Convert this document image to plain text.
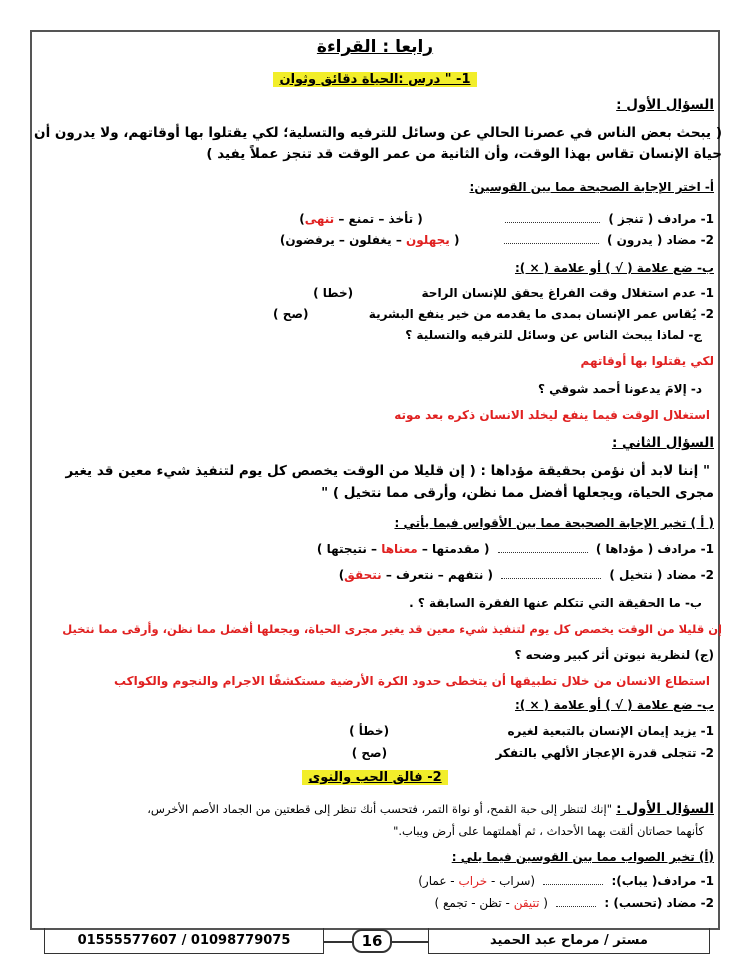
رابعا : القراءة
1- " درس :الحياة دقائق وثوان
السؤال الأول :
( يبحث بعض الناس في عصرنا الحالي عن وسائل للترفيه والتسلية؛ لكي يقتلوا بها أوقاتهم، ولا يدرون أن
حياة الإنسان تقاس بهذا الوقت، وأن الثانية من عمر الوقت قد تنجز عملاً يفيد )
أ- اختر الإجابة الصحيحة مما بين القوسين:
1- مرادف ( تنجز )   ( تأخذ – تمنع – تنهى)
2- مضاد ( يدرون )   ( يجهلون – يغفلون – يرفضون)
ب- ضع علامة ( √ ) أو علامة ( × ):
1- عدم استغلال وقت الفراغ يحقق للإنسان الراحة  (خطا )
2- يُقاس عمر الإنسان بمدى ما يقدمه من خير ينفع البشرية  (صح )
ج- لماذا يبحث الناس عن وسائل للترفيه والتسلية ؟
لكي يقتلوا بها أوقاتهم
د- إلامَ يدعونا أحمد شوقي ؟
استغلال الوقت فيما ينفع لیخلد الانسان ذكره بعد موته
السؤال الثاني :
" إننا لابد أن نؤمن بحقيقة مؤداها : ( إن قليلا من الوقت يخصص كل يوم لتنفيذ شيء معين قد يغير
مجرى الحياة، ويجعلها أفضل مما نظن، وأرقى مما نتخيل ) "
( أ ) تخير الإجابة الصحيحة مما بين الأقواس فيما يأتي :
1- مرادف ( مؤداها )  ( مقدمتها – معناها – نتيجتها )
2- مضاد ( نتخيل )  ( نتفهم – نتعرف – نتحقق)
ب- ما الحقيقة التي تتكلم عنها الفقرة السابقة ؟ .
إن قليلا من الوقت يخصص كل يوم لتنفيذ شيء معين قد يغير مجرى الحياة، ويجعلها أفضل مما نظن، وأرقى مما نتخيل
(ج) لنظرية نيوتن أثر كبير وضحه ؟
استطاع الانسان من خلال تطبيقها أن يتخطى حدود الكرة الأرضية مستكشفًا الاجرام والنجوم والكواكب
ب- ضع علامة ( √ ) أو علامة ( × ):
1- يزيد إيمان الإنسان بالتبعية لغيره  (خطأ )
2- تتجلى قدرة الإعجاز الألهي بالتفكر  (صح )
2- فالق الحب والنوى
السؤال الأول : "إنك لتنظر إلى حبة القمح، أو نواة التمر، فتحسب أنك تنظر إلى قطعتين من الجماد الأصم الأخرس،
كأنهما حصاتان ألقت بهما الأحداث ، ثم أهملتهما على أرض ويباب."
(أ) تخير الصواب مما بين القوسين فيما يلي :
1- مرادف( يباب):  (سراب - خراب - عمار)
2- مضاد (تحسب) :  ( تتيقن - تظن - تجمع )
01555577607 / 01098779075	16	مستر / مرماح عبد الحميد
